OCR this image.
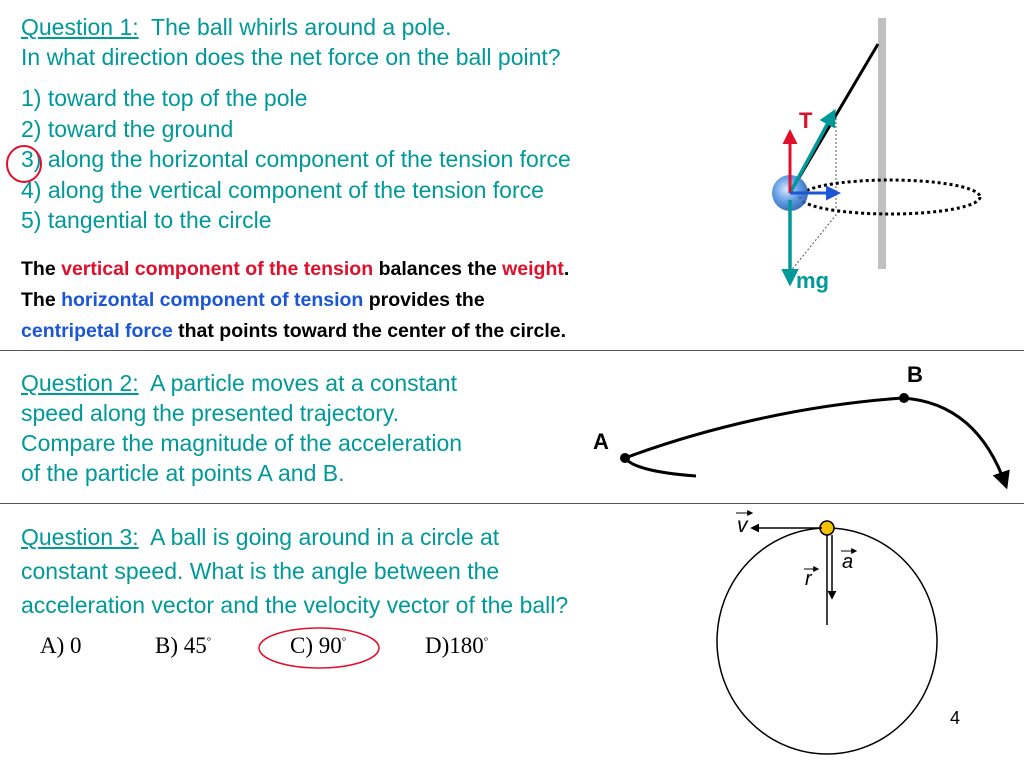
Question 1: The ball whirls around a pole.
In what direction does the net force on the ball point?
1) toward the top of the pole
2) toward the ground
3) along the horizontal component of the tension force
4) along the vertical component of the tension force
5) tangential to the circle
The vertical component of the tension balances the weight.
The horizontal component of tension provides the
centripetal force that points toward the center of the circle.
T
mg
Question 2: A particle moves at a constant
speed along the presented trajectory.
Compare the magnitude of the acceleration
of the particle at points A and B.
A
B
Question 3: A ball is going around in a circle at
constant speed. What is the angle between the
acceleration vector and the velocity vector of the ball?
A) 0	B) 45°	C) 90°	D)180°
v
a
r
4
